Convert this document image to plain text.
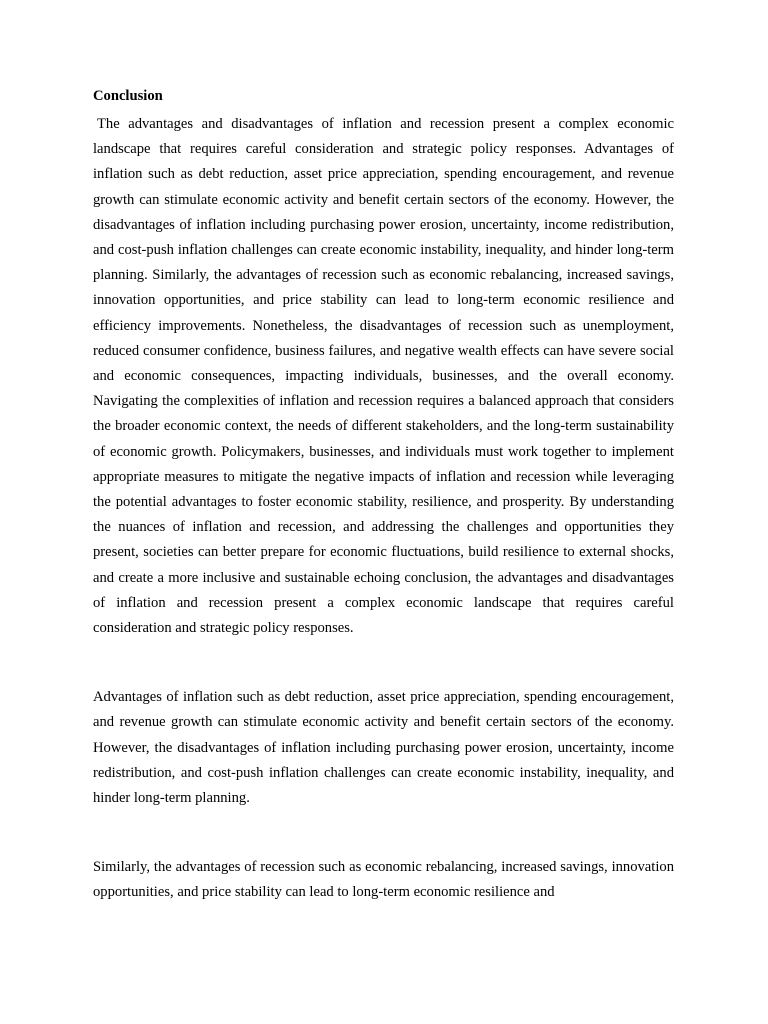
Conclusion

The advantages and disadvantages of inflation and recession present a complex economic landscape that requires careful consideration and strategic policy responses. Advantages of inflation such as debt reduction, asset price appreciation, spending encouragement, and revenue growth can stimulate economic activity and benefit certain sectors of the economy. However, the disadvantages of inflation including purchasing power erosion, uncertainty, income redistribution, and cost-push inflation challenges can create economic instability, inequality, and hinder long-term planning. Similarly, the advantages of recession such as economic rebalancing, increased savings, innovation opportunities, and price stability can lead to long-term economic resilience and efficiency improvements. Nonetheless, the disadvantages of recession such as unemployment, reduced consumer confidence, business failures, and negative wealth effects can have severe social and economic consequences, impacting individuals, businesses, and the overall economy. Navigating the complexities of inflation and recession requires a balanced approach that considers the broader economic context, the needs of different stakeholders, and the long-term sustainability of economic growth. Policymakers, businesses, and individuals must work together to implement appropriate measures to mitigate the negative impacts of inflation and recession while leveraging the potential advantages to foster economic stability, resilience, and prosperity. By understanding the nuances of inflation and recession, and addressing the challenges and opportunities they present, societies can better prepare for economic fluctuations, build resilience to external shocks, and create a more inclusive and sustainable echoing conclusion, the advantages and disadvantages of inflation and recession present a complex economic landscape that requires careful consideration and strategic policy responses.

Advantages of inflation such as debt reduction, asset price appreciation, spending encouragement, and revenue growth can stimulate economic activity and benefit certain sectors of the economy. However, the disadvantages of inflation including purchasing power erosion, uncertainty, income redistribution, and cost-push inflation challenges can create economic instability, inequality, and hinder long-term planning.

Similarly, the advantages of recession such as economic rebalancing, increased savings, innovation opportunities, and price stability can lead to long-term economic resilience and
